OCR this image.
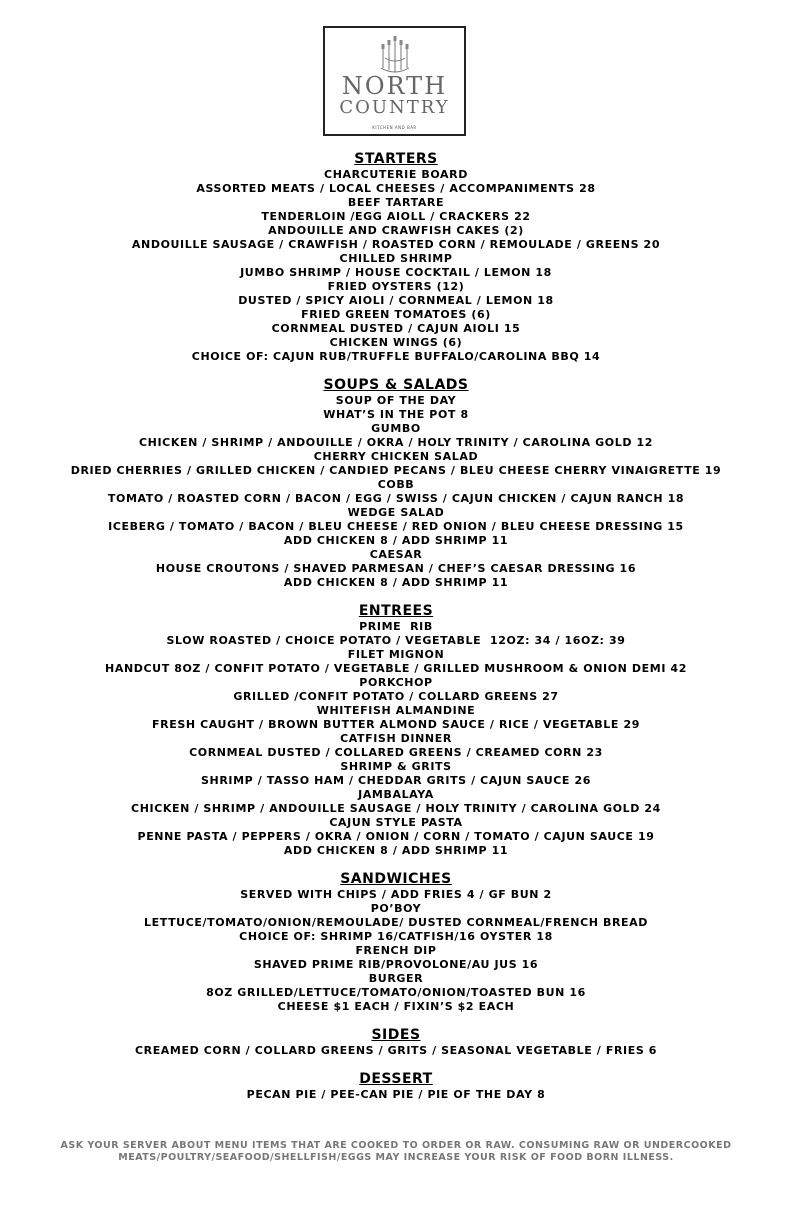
NORTH
COUNTRY
KITCHEN AND BAR
STARTERS
CHARCUTERIE BOARD
ASSORTED MEATS / LOCAL CHEESES / ACCOMPANIMENTS 28
BEEF TARTARE
TENDERLOIN /EGG AIOLL / CRACKERS 22
ANDOUILLE AND CRAWFISH CAKES (2)
ANDOUILLE SAUSAGE / CRAWFISH / ROASTED CORN / REMOULADE / GREENS 20
CHILLED SHRIMP
JUMBO SHRIMP / HOUSE COCKTAIL / LEMON 18
FRIED OYSTERS (12)
DUSTED / SPICY AIOLI / CORNMEAL / LEMON 18
FRIED GREEN TOMATOES (6)
CORNMEAL DUSTED / CAJUN AIOLI 15
CHICKEN WINGS (6)
CHOICE OF: CAJUN RUB/TRUFFLE BUFFALO/CAROLINA BBQ 14
SOUPS & SALADS
SOUP OF THE DAY
WHAT’S IN THE POT 8
GUMBO
CHICKEN / SHRIMP / ANDOUILLE / OKRA / HOLY TRINITY / CAROLINA GOLD 12
CHERRY CHICKEN SALAD
DRIED CHERRIES / GRILLED CHICKEN / CANDIED PECANS / BLEU CHEESE CHERRY VINAIGRETTE 19
COBB
TOMATO / ROASTED CORN / BACON / EGG / SWISS / CAJUN CHICKEN / CAJUN RANCH 18
WEDGE SALAD
ICEBERG / TOMATO / BACON / BLEU CHEESE / RED ONION / BLEU CHEESE DRESSING 15
ADD CHICKEN 8 / ADD SHRIMP 11
CAESAR
HOUSE CROUTONS / SHAVED PARMESAN / CHEF’S CAESAR DRESSING 16
ADD CHICKEN 8 / ADD SHRIMP 11
ENTREES
PRIME  RIB
SLOW ROASTED / CHOICE POTATO / VEGETABLE  12OZ: 34 / 16OZ: 39
FILET MIGNON
HANDCUT 8OZ / CONFIT POTATO / VEGETABLE / GRILLED MUSHROOM & ONION DEMI 42
PORKCHOP
GRILLED /CONFIT POTATO / COLLARD GREENS 27
WHITEFISH ALMANDINE
FRESH CAUGHT / BROWN BUTTER ALMOND SAUCE / RICE / VEGETABLE 29
CATFISH DINNER
CORNMEAL DUSTED / COLLARED GREENS / CREAMED CORN 23
SHRIMP & GRITS
SHRIMP / TASSO HAM / CHEDDAR GRITS / CAJUN SAUCE 26
JAMBALAYA
CHICKEN / SHRIMP / ANDOUILLE SAUSAGE / HOLY TRINITY / CAROLINA GOLD 24
CAJUN STYLE PASTA
PENNE PASTA / PEPPERS / OKRA / ONION / CORN / TOMATO / CAJUN SAUCE 19
ADD CHICKEN 8 / ADD SHRIMP 11
SANDWICHES
SERVED WITH CHIPS / ADD FRIES 4 / GF BUN 2
PO’BOY
LETTUCE/TOMATO/ONION/REMOULADE/ DUSTED CORNMEAL/FRENCH BREAD
CHOICE OF: SHRIMP 16/CATFISH/16 OYSTER 18
FRENCH DIP
SHAVED PRIME RIB/PROVOLONE/AU JUS 16
BURGER
8OZ GRILLED/LETTUCE/TOMATO/ONION/TOASTED BUN 16
CHEESE $1 EACH / FIXIN’S $2 EACH
SIDES
CREAMED CORN / COLLARD GREENS / GRITS / SEASONAL VEGETABLE / FRIES 6
DESSERT
PECAN PIE / PEE-CAN PIE / PIE OF THE DAY 8
ASK YOUR SERVER ABOUT MENU ITEMS THAT ARE COOKED TO ORDER OR RAW. CONSUMING RAW OR UNDERCOOKED
MEATS/POULTRY/SEAFOOD/SHELLFISH/EGGS MAY INCREASE YOUR RISK OF FOOD BORN ILLNESS.
